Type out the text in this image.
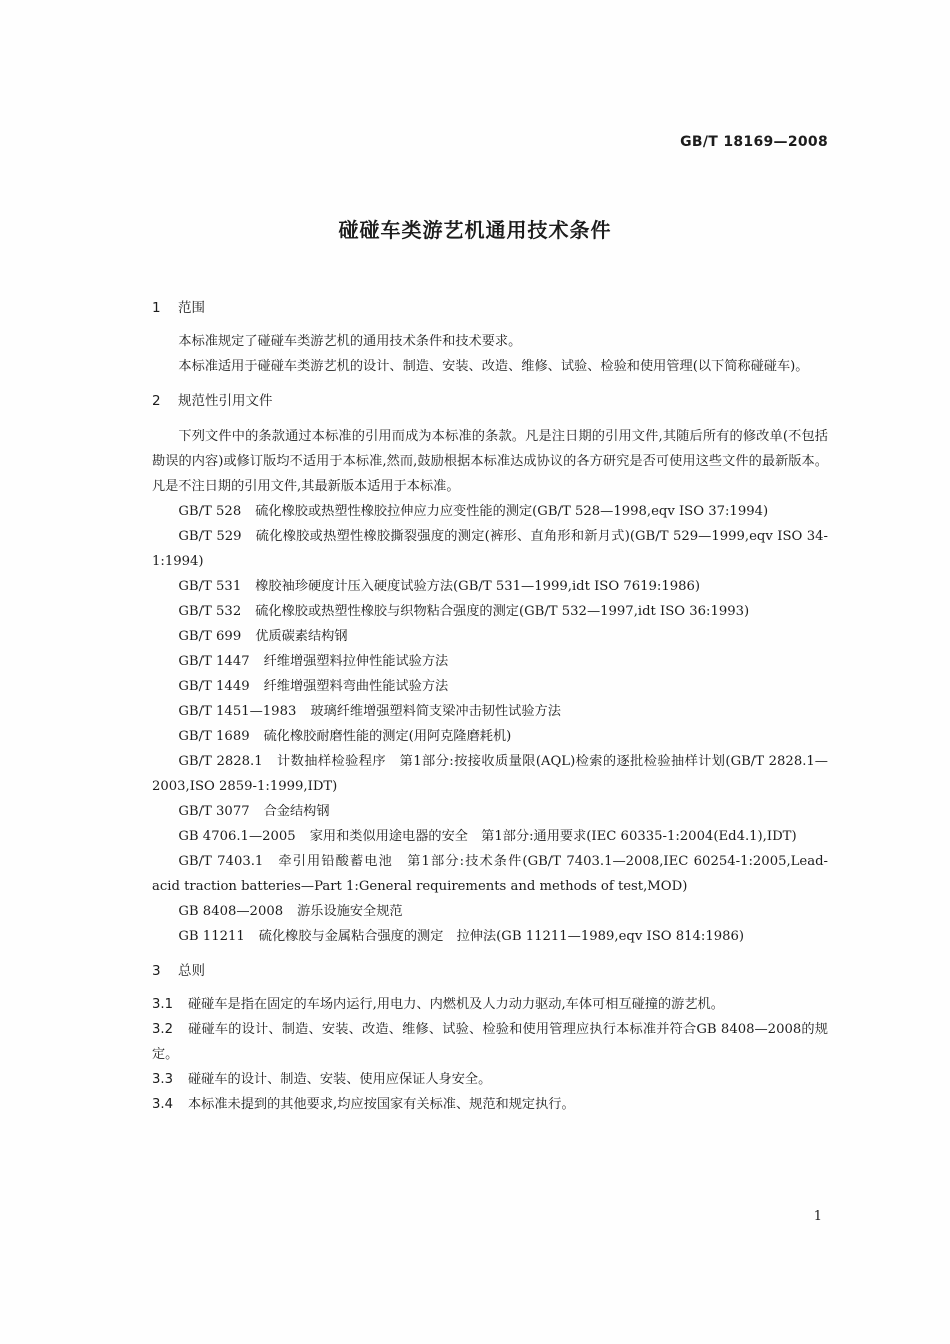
GB/T 18169—2008
碰碰车类游艺机通用技术条件
1 范围

本标准规定了碰碰车类游艺机的通用技术条件和技术要求。

本标准适用于碰碰车类游艺机的设计、制造、安装、改造、维修、试验、检验和使用管理(以下简称碰碰车)。

2 规范性引用文件

下列文件中的条款通过本标准的引用而成为本标准的条款。凡是注日期的引用文件,其随后所有的修改单(不包括勘误的内容)或修订版均不适用于本标准,然而,鼓励根据本标准达成协议的各方研究是否可使用这些文件的最新版本。凡是不注日期的引用文件,其最新版本适用于本标准。

GB/T 528 硫化橡胶或热塑性橡胶拉伸应力应变性能的测定(GB/T 528—1998,eqv ISO 37:1994)
GB/T 529 硫化橡胶或热塑性橡胶撕裂强度的测定(裤形、直角形和新月式)(GB/T 529—1999,eqv ISO 34-1:1994)
GB/T 531 橡胶袖珍硬度计压入硬度试验方法(GB/T 531—1999,idt ISO 7619:1986)
GB/T 532 硫化橡胶或热塑性橡胶与织物粘合强度的测定(GB/T 532—1997,idt ISO 36:1993)
GB/T 699 优质碳素结构钢
GB/T 1447 纤维增强塑料拉伸性能试验方法
GB/T 1449 纤维增强塑料弯曲性能试验方法
GB/T 1451—1983 玻璃纤维增强塑料简支梁冲击韧性试验方法
GB/T 1689 硫化橡胶耐磨性能的测定(用阿克隆磨耗机)
GB/T 2828.1 计数抽样检验程序　第1部分:按接收质量限(AQL)检索的逐批检验抽样计划(GB/T 2828.1—2003,ISO 2859-1:1999,IDT)
GB/T 3077 合金结构钢
GB 4706.1—2005 家用和类似用途电器的安全　第1部分:通用要求(IEC 60335-1:2004(Ed4.1),IDT)
GB/T 7403.1 牵引用铅酸蓄电池　第1部分:技术条件(GB/T 7403.1—2008,IEC 60254-1:2005,Lead-acid traction batteries—Part 1:General requirements and methods of test,MOD)
GB 8408—2008 游乐设施安全规范
GB 11211 硫化橡胶与金属粘合强度的测定　拉伸法(GB 11211—1989,eqv ISO 814:1986)
3 总则
3.1 碰碰车是指在固定的车场内运行,用电力、内燃机及人力动力驱动,车体可相互碰撞的游艺机。
3.2 碰碰车的设计、制造、安装、改造、维修、试验、检验和使用管理应执行本标准并符合GB 8408—2008的规定。
3.3 碰碰车的设计、制造、安装、使用应保证人身安全。
3.4 本标准未提到的其他要求,均应按国家有关标准、规范和规定执行。
1
